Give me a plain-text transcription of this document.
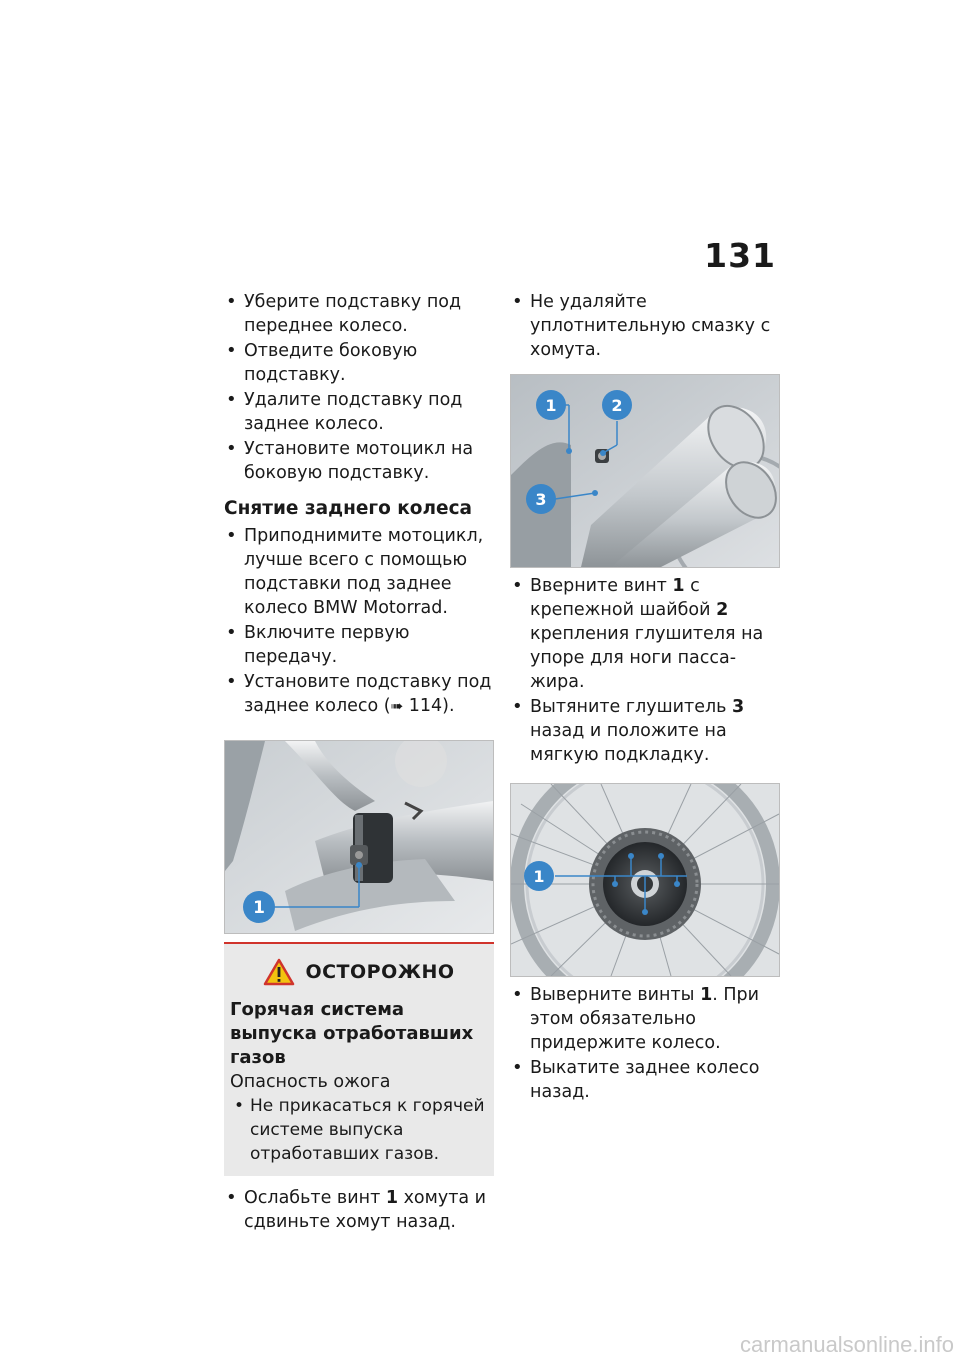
131
• Уберите подставку под переднее колесо.
• Отведите боковую подставку.
• Удалите подставку под заднее колесо.
• Установите мотоцикл на боковую подставку.
Снятие заднего колеса
• Приподнимите мотоцикл, лучше всего с помощью подставки под заднее колесо BMW Motorrad.
• Включите первую передачу.
• Установите подставку под заднее колесо (➠ 114).
1
ОСТОРОЖНО
Горячая система выпуска отработавших газов
Опасность ожога
• Не прикасаться к горячей системе выпуска отработавших газов.
• Ослабьте винт 1 хомута и сдвиньте хомут назад.
• Не удаляйте уплотнительную смазку с хомута.
1	2
3
• Вверните винт 1 с крепежной шайбой 2 крепления глушителя на упоре для ноги пассажира.
• Вытяните глушитель 3 назад и положите на мягкую подкладку.
1
• Выверните винты 1. При этом обязательно придержите колесо.
• Выкатите заднее колесо назад.
carmanualsonline.info
